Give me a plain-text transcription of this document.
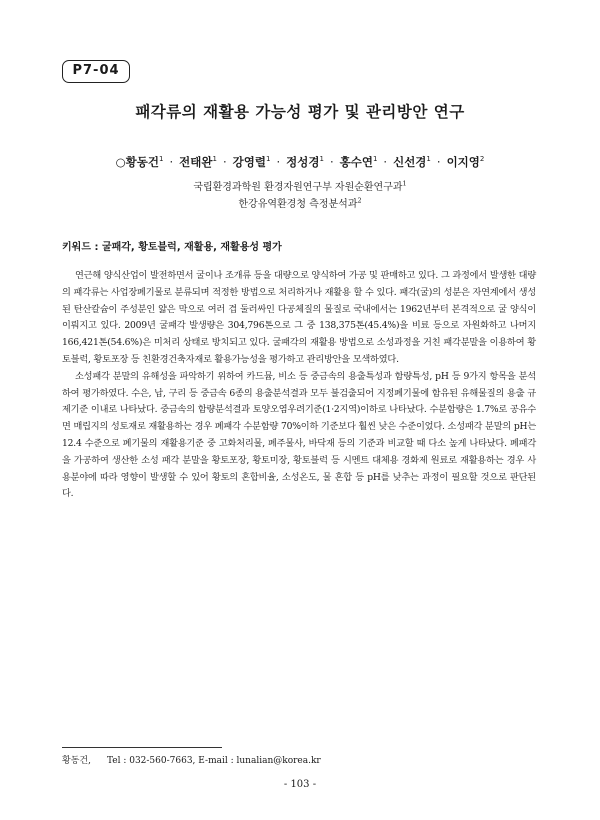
P7-04
패각류의 재활용 가능성 평가 및 관리방안 연구
○황동건$^1$ · 전태완$^1$ · 강영렬$^1$ · 정성경$^1$ · 홍수연$^1$ · 신선경$^1$ · 이지영$^2$
국립환경과학원 환경자원연구부 자원순환연구과$^1$
한강유역환경청 측정분석과$^2$
키워드 : 굴패각, 황토블럭, 재활용, 재활용성 평가

연근해 양식산업이 발전하면서 굴이나 조개류 등을 대량으로 양식하여 가공 및 판매하고 있다. 그 과정에서 발생한 대량의 패각류는 사업장폐기물로 분류되며 적정한 방법으로 처리하거나 재활용 할 수 있다. 패각(굴)의 성분은 자연계에서 생성된 탄산칼슘이 주성분인 얇은 막으로 여러 겹 둘러싸인 다공체질의 물질로 국내에서는 1962년부터 본격적으로 굴 양식이 이뤄지고 있다. 2009년 굴패각 발생량은 304,796톤으로 그 중 138,375톤(45.4%)을 비료 등으로 자원화하고 나머지 166,421톤(54.6%)은 미처리 상태로 방치되고 있다. 굴패각의 재활용 방법으로 소성과정을 거친 패각분말을 이용하여 황토블럭, 황토포장 등 친환경건축자재로 활용가능성을 평가하고 관리방안을 모색하였다.

소성패각 분말의 유해성을 파악하기 위하여 카드뮴, 비소 등 중금속의 용출특성과 함량특성, pH 등 9가지 항목을 분석하여 평가하였다. 수은, 납, 구리 등 중금속 6종의 용출분석결과 모두 불검출되어 지정폐기물에 함유된 유해물질의 용출 규제기준 이내로 나타났다. 중금속의 함량분석결과 토양오염우려기준(1·2지역)이하로 나타났다. 수분함량은 1.7%로 공유수면 매립지의 성토재로 재활용하는 경우 폐패각 수분함량 70%이하 기준보다 훨씬 낮은 수준이었다. 소성패각 분말의 pH는 12.4 수준으로 폐기물의 재활용기준 중 고화처리물, 폐주물사, 바닥재 등의 기준과 비교할 때 다소 높게 나타났다. 폐패각을 가공하여 생산한 소성 패각 분말을 황토포장, 황토미장, 황토블럭 등 시멘트 대체용 경화제 원료로 재활용하는 경우 사용분야에 따라 영향이 발생할 수 있어 황토의 혼합비율, 소성온도, 물 혼합 등 pH를 낮추는 과정이 필요할 것으로 판단된다.

황동건, Tel : 032-560-7663, E-mail : lunalian@korea.kr
- 103 -
